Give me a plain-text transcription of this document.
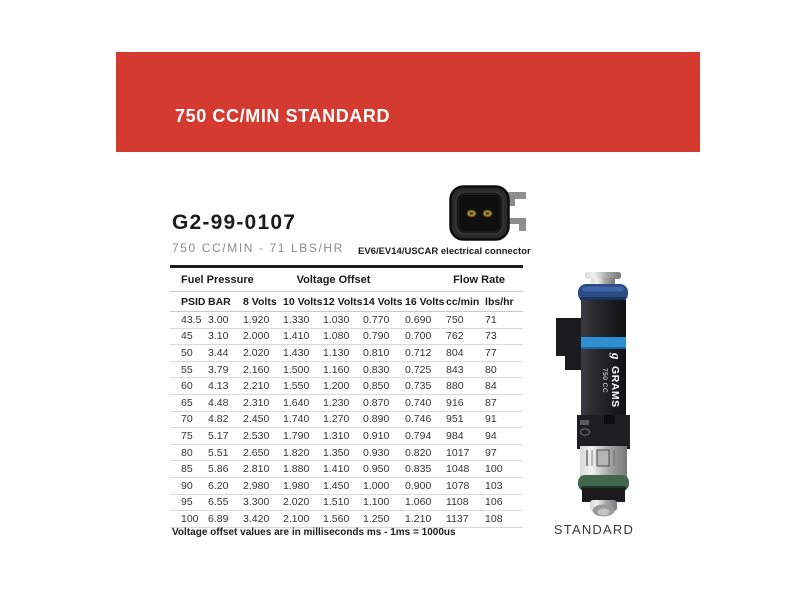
750 CC/MIN STANDARD
G2-99-0107
750 CC/MIN - 71 LBS/HR EV6/EV14/USCAR electrical connector
Fuel Pressure		Voltage Offset					Flow Rate	
PSID	BAR	8 Volts	10 Volts	12 Volts	14 Volts	16 Volts	cc/min	lbs/hr
43.5	3.00	1.920	1.330	1.030	0.770	0.690	750	71
45	3.10	2.000	1.410	1.080	0.790	0.700	762	73
50	3.44	2.020	1.430	1.130	0.810	0.712	804	77
55	3.79	2.160	1.500	1.160	0.830	0.725	843	80
60	4.13	2.210	1.550	1.200	0.850	0.735	880	84
65	4.48	2.310	1.640	1.230	0.870	0.740	916	87
70	4.82	2.450	1.740	1.270	0.890	0.746	951	91
75	5.17	2.530	1.790	1.310	0.910	0.794	984	94
80	5.51	2.650	1.820	1.350	0.930	0.820	1017	97
85	5.86	2.810	1.880	1.410	0.950	0.835	1048	100
90	6.20	2.980	1.980	1.450	1.000	0.900	1078	103
95	6.55	3.300	2.020	1.510	1.100	1.060	1108	106
100	6.89	3.420	2.100	1.560	1.250	1.210	1137	108
Voltage offset values are in milliseconds ms - 1ms = 1000us
g
GRAMS
750 CC
STANDARD
